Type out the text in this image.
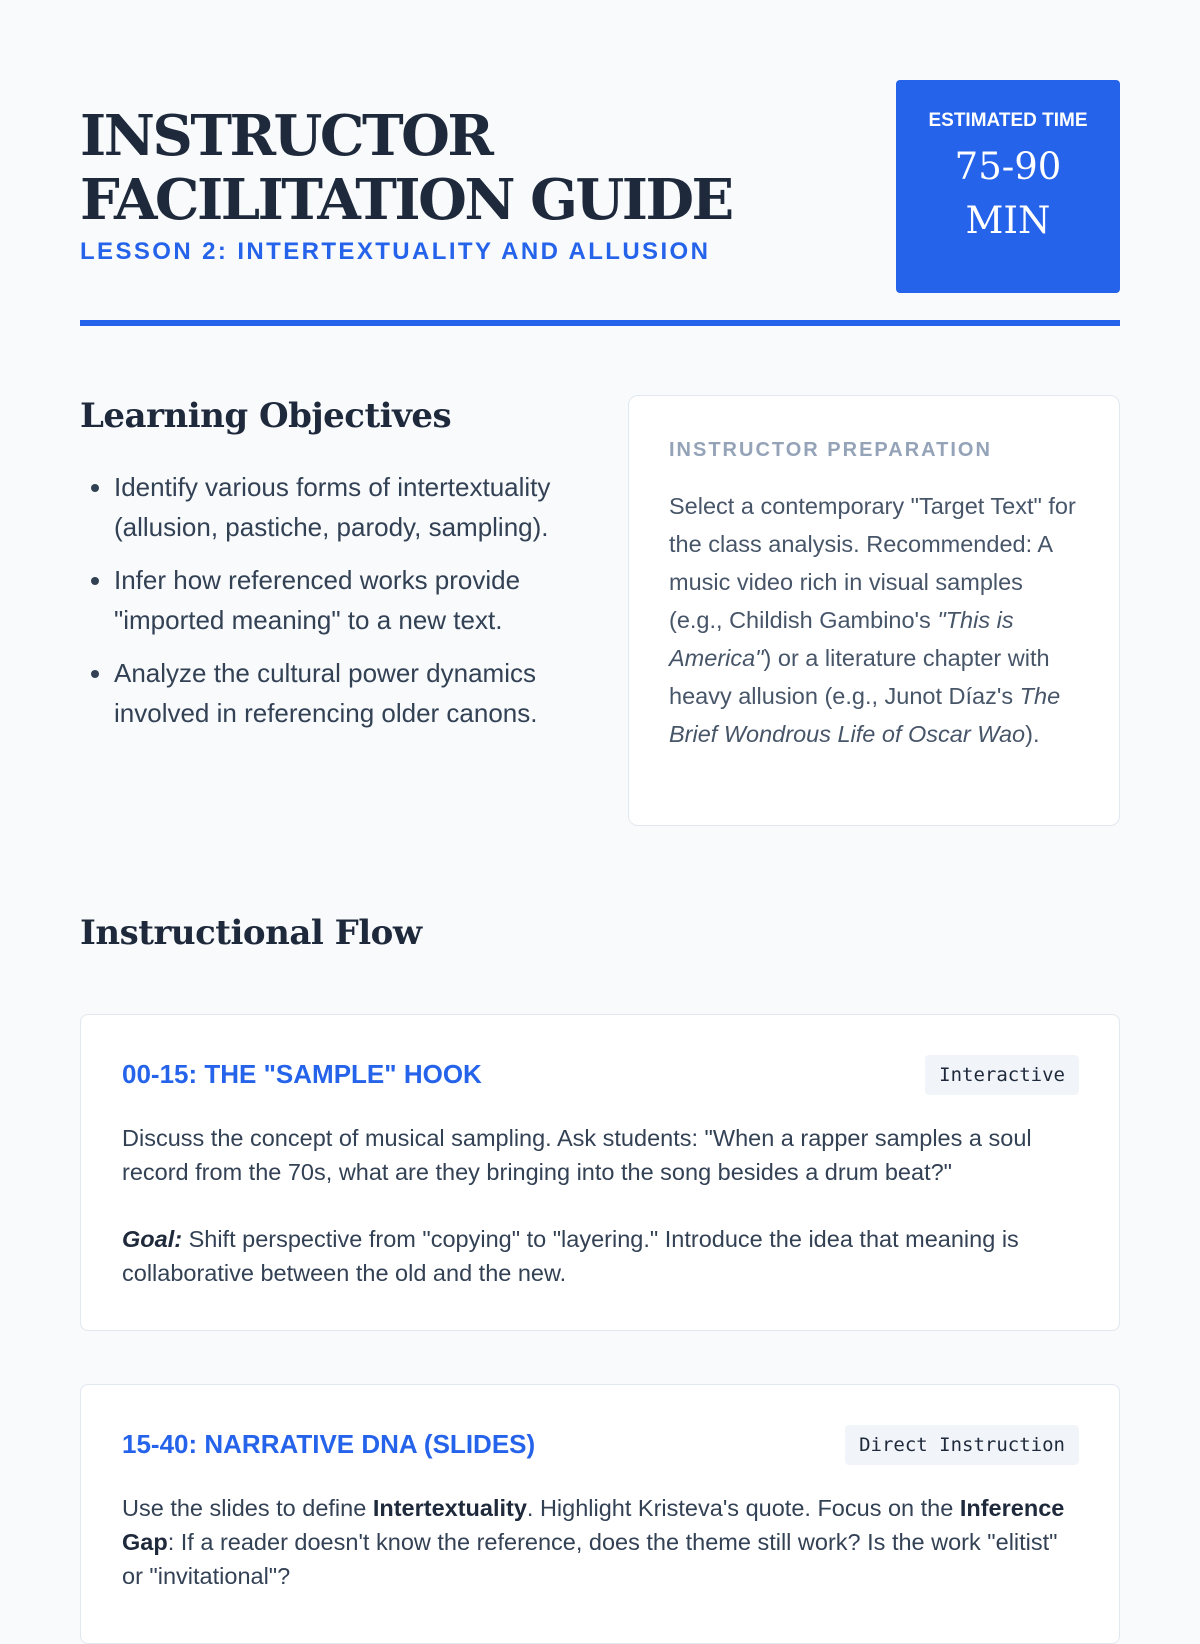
INSTRUCTOR FACILITATION GUIDE
LESSON 2: INTERTEXTUALITY AND ALLUSION
ESTIMATED TIME
75-90 MIN
Learning Objectives
• Identify various forms of intertextuality (allusion, pastiche, parody, sampling).
• Infer how referenced works provide "imported meaning" to a new text.
• Analyze the cultural power dynamics involved in referencing older canons.
INSTRUCTOR PREPARATION

Select a contemporary "Target Text" for the class analysis. Recommended: A music video rich in visual samples (e.g., Childish Gambino's "This is America") or a literature chapter with heavy allusion (e.g., Junot Díaz's The Brief Wondrous Life of Oscar Wao).

Instructional Flow
00-15: THE "SAMPLE" HOOK	Interactive

Discuss the concept of musical sampling. Ask students: "When a rapper samples a soul record from the 70s, what are they bringing into the song besides a drum beat?"

Goal: Shift perspective from "copying" to "layering." Introduce the idea that meaning is collaborative between the old and the new.

15-40: NARRATIVE DNA (SLIDES)	Direct Instruction

Use the slides to define Intertextuality. Highlight Kristeva's quote. Focus on the Inference Gap: If a reader doesn't know the reference, does the theme still work? Is the work "elitist" or "invitational"?
